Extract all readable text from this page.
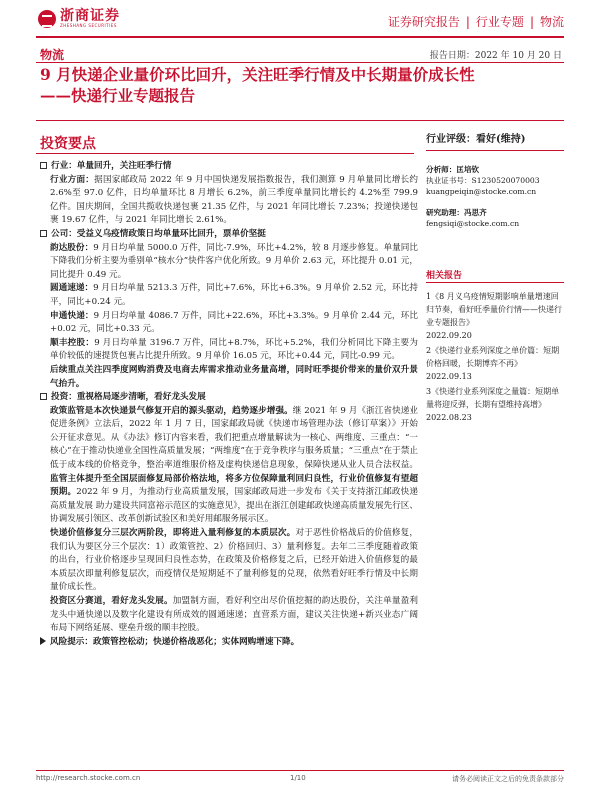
浙商证券
ZHESHANG SECURITIES	证券研究报告 | 行业专题 | 物流
物流	报告日期：2022 年 10 月 20 日
9 月快递企业量价环比回升，关注旺季行情及中长期量价成长性
——快递行业专题报告
投资要点

行业：单量回升，关注旺季行情

行业方面：据国家邮政局 2022 年 9 月中国快递发展指数报告，我们测算 9 月单量同比增长约 2.6%至 97.0 亿件，日均单量环比 8 月增长 6.2%，前三季度单量同比增长约 4.2%至 799.9 亿件。国庆期间，全国共揽收快递包裹 21.35 亿件，与 2021 年同比增长 7.23%；投递快递包裹 19.67 亿件，与 2021 年同比增长 2.61%。

公司：受益义乌疫情政策日均单量环比回升，票单价坚挺

韵达股份：9 月日均单量 5000.0 万件，同比-7.9%，环比+4.2%，较 8 月逐步修复。单量同比下降我们分析主要为垂别单“核水分”快件客户优化所致。9 月单价 2.63 元，环比提升 0.01 元，同比提升 0.49 元。

圆通速递：9 月日均单量 5213.3 万件，同比+7.6%，环比+6.3%。9 月单价 2.52 元，环比持平，同比+0.24 元。

申通快递：9 月日均单量 4086.7 万件，同比+22.6%，环比+3.3%。9 月单价 2.44 元，环比+0.02 元，同比+0.33 元。

顺丰控股：9 月日均单量 3196.7 万件，同比+8.7%，环比+5.2%，我们分析同比下降主要为单价较低的速提货包裹占比提升所致。9 月单价 16.05 元，环比+0.44 元，同比-0.99 元。

后续重点关注四季度网购消费及电商去库需求推动业务量高增，同时旺季提价带来的量价双升景气抬升。

投资：重视格局逐步清晰，看好龙头发展

政策监管是本次快递景气修复开启的源头驱动，趋势逐步增强。继 2021 年 9 月《浙江省快递业促进条例》立法后，2022 年 1 月 7 日，国家邮政局就《快递市场管理办法（修订草案）》开始公开征求意见。从《办法》修订内容来看，我们把重点增量解读为一核心、两维度、三重点：“一核心”在于推动快递业全国性高质量发展；“两维度”在于竞争秩序与服务质量；“三重点”在于禁止低于成本线的价格竞争，整治率道维服价格及虚构快递信息现象，保障快递从业人员合法权益。监管主体提升至全国层面修复局部价格法地，将多方位保障量利回归良性，行业价值修复有望超预期。2022 年 9 月，为推动行业高质量发展，国家邮政局进一步发布《关于支持浙江邮政快递高质量发展 助力建设共同富裕示范区的实施意见》，提出在浙江创建邮政快递高质量发展先行区、协调发展引领区、改革创新试验区和美好用邮服务展示区。

快递价值修复分三层次两阶段，即将进入量利修复的本质层次。对于恶性价格战后的价值修复，我们认为要区分三个层次：1）政策管控、2）价格回归、3）量利修复。去年二三季度随着政策的出台，行业价格逐步呈现回归良性态势，在政策及价格修复之后，已经开始进入价值修复的最本质层次即量利修复层次，而疫情仅是短期延不了量利修复的兑现，依然看好旺季行情及中长期量价成长性。

投资区分赛道，看好龙头发展。加盟制方面，看好利空出尽价值挖掘的韵达股份，关注单量盈利龙头中通快递以及数字化建设有所成效的圆通速递；直营系方面，建议关注快递+新兴业态广阔布局下网络延展、壁垒升级的顺丰控股。

风险提示：政策管控松动；快递价格战恶化；实体网购增速下降。

行业评级：看好(维持)
分析师：匡培钦
执业证书号：S1230520070003
kuangpeiqin@stocke.com.cn
研究助理：冯思齐
fengsiqi@stocke.com.cn
相关报告

1《8 月义乌疫情短期影响单量增速回归节奏，看好旺季量价行情——快递行业专题报告》
2022.09.20

2《快递行业系列深度之单价篇：短期价格回暖，长期博弈不再》
2022.09.13

3《快递行业系列深度之量篇：短期单量将迎反弹，长期有望维持高增》
2022.08.23

http://research.stocke.com.cn	1/10	请务必阅读正文之后的免责条款部分
